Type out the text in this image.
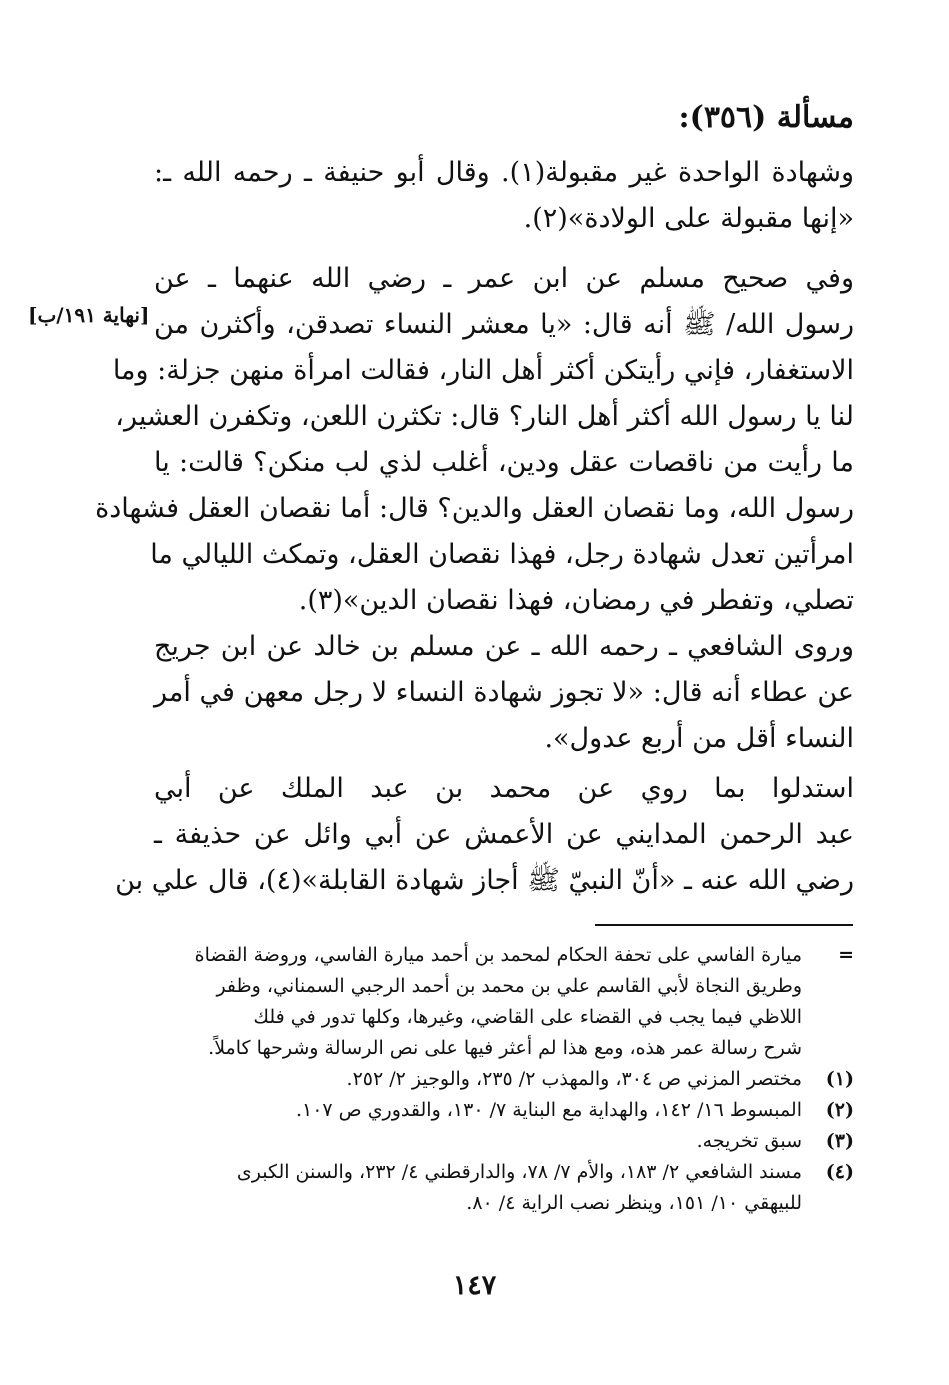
مسألة (٣٥٦):
وشهادة الواحدة غير مقبولة(١). وقال أبو حنيفة ـ رحمه الله ـ:
«إنها مقبولة على الولادة»(٢).
وفي صحيح مسلم عن ابن عمر ـ رضي الله عنهما ـ عن
رسول الله/ ﷺ أنه قال: «يا معشر النساء تصدقن، وأكثرن من
الاستغفار، فإني رأيتكن أكثر أهل النار، فقالت امرأة منهن جزلة: وما
لنا يا رسول الله أكثر أهل النار؟ قال: تكثرن اللعن، وتكفرن العشير،
ما رأيت من ناقصات عقل ودين، أغلب لذي لب منكن؟ قالت: يا
رسول الله، وما نقصان العقل والدين؟ قال: أما نقصان العقل فشهادة
امرأتين تعدل شهادة رجل، فهذا نقصان العقل، وتمكث الليالي ما
تصلي، وتفطر في رمضان، فهذا نقصان الدين»(٣).
[نهاية ١٩١/ب]
وروى الشافعي ـ رحمه الله ـ عن مسلم بن خالد عن ابن جريج
عن عطاء أنه قال: «لا تجوز شهادة النساء لا رجل معهن في أمر
النساء أقل من أربع عدول».
استدلوا بما روي عن محمد بن عبد الملك عن أبي
عبد الرحمن المدايني عن الأعمش عن أبي وائل عن حذيفة ـ
رضي الله عنه ـ «أنّ النبيّ ﷺ أجاز شهادة القابلة»(٤)، قال علي بن
=
ميارة الفاسي على تحفة الحكام لمحمد بن أحمد ميارة الفاسي، وروضة القضاة
وطريق النجاة لأبي القاسم علي بن محمد بن أحمد الرجبي السمناني، وظفر
اللاظي فيما يجب في القضاء على القاضي، وغيرها، وكلها تدور في فلك
شرح رسالة عمر هذه، ومع هذا لم أعثر فيها على نص الرسالة وشرحها كاملاً.
(١)
مختصر المزني ص ٣٠٤، والمهذب ٢/ ٢٣٥، والوجيز ٢/ ٢٥٢.
(٢)
المبسوط ١٦/ ١٤٢، والهداية مع البناية ٧/ ١٣٠، والقدوري ص ١٠٧.
(٣)
سبق تخريجه.
(٤)
مسند الشافعي ٢/ ١٨٣، والأم ٧/ ٧٨، والدارقطني ٤/ ٢٣٢، والسنن الكبرى
للبيهقي ١٠/ ١٥١، وينظر نصب الراية ٤/ ٨٠.
١٤٧
